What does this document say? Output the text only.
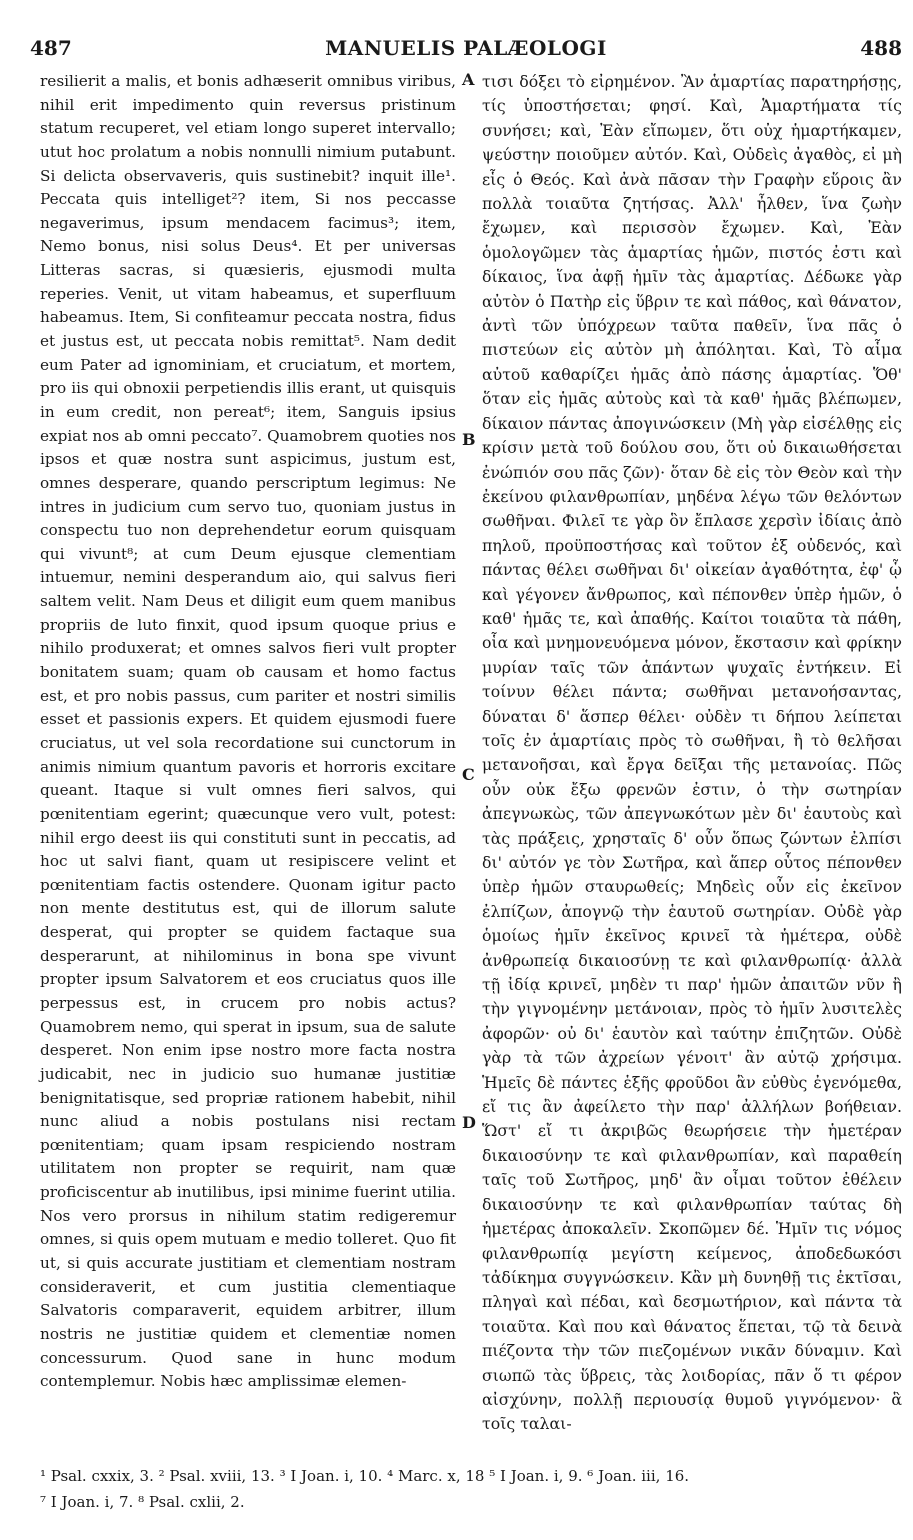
487	MANUELIS PALÆOLOGI	488

resilierit a malis, et bonis adhæserit omnibus viribus, nihil erit impedimento quin reversus pristinum statum recuperet, vel etiam longo superet intervallo; utut hoc prolatum a nobis nonnulli nimium putabunt. Si delicta observaveris, quis sustinebit? inquit ille¹. Peccata quis intelliget²? item, Si nos peccasse negaverimus, ipsum mendacem facimus³; item, Nemo bonus, nisi solus Deus⁴. Et per universas Litteras sacras, si quæsieris, ejusmodi multa reperies. Venit, ut vitam habeamus, et superfluum habeamus. Item, Si confiteamur peccata nostra, fidus et justus est, ut peccata nobis remittat⁵. Nam dedit eum Pater ad ignominiam, et cruciatum, et mortem, pro iis qui obnoxii perpetiendis illis erant, ut quisquis in eum credit, non pereat⁶; item, Sanguis ipsius expiat nos ab omni peccato⁷. Quamobrem quoties nos ipsos et quæ nostra sunt aspicimus, justum est, omnes desperare, quando perscriptum legimus: Ne intres in judicium cum servo tuo, quoniam justus in conspectu tuo non deprehendetur eorum quisquam qui vivunt⁸; at cum Deum ejusque clementiam intuemur, nemini desperandum aio, qui salvus fieri saltem velit. Nam Deus et diligit eum quem manibus propriis de luto finxit, quod ipsum quoque prius e nihilo produxerat; et omnes salvos fieri vult propter bonitatem suam; quam ob causam et homo factus est, et pro nobis passus, cum pariter et nostri similis esset et passionis expers. Et quidem ejusmodi fuere cruciatus, ut vel sola recordatione sui cunctorum in animis nimium quantum pavoris et horroris excitare queant. Itaque si vult omnes fieri salvos, qui pœnitentiam egerint; quæcunque vero vult, potest: nihil ergo deest iis qui constituti sunt in peccatis, ad hoc ut salvi fiant, quam ut resipiscere velint et pœnitentiam factis ostendere. Quonam igitur pacto non mente destitutus est, qui de illorum salute desperat, qui propter se quidem factaque sua desperarunt, at nihilominus in bona spe vivunt propter ipsum Salvatorem et eos cruciatus quos ille perpessus est, in crucem pro nobis actus? Quamobrem nemo, qui sperat in ipsum, sua de salute desperet. Non enim ipse nostro more facta nostra judicabit, nec in judicio suo humanæ justitiæ benignitatisque, sed propriæ rationem habebit, nihil nunc aliud a nobis postulans nisi rectam pœnitentiam; quam ipsam respiciendo nostram utilitatem non propter se requirit, nam quæ proficiscentur ab inutilibus, ipsi minime fuerint utilia. Nos vero prorsus in nihilum statim redigeremur omnes, si quis opem mutuam e medio tolleret. Quo fit ut, si quis accurate justitiam et clementiam nostram consideraverit, et cum justitia clementiaque Salvatoris comparaverit, equidem arbitrer, illum nostris ne justitiæ quidem et clementiæ nomen concessurum. Quod sane in hunc modum contemplemur. Nobis hæc amplissimæ elemen-

A
B
C
D

τισι δόξει τὸ εἰρημένον. Ἂν ἁμαρτίας παρατηρήσῃς, τίς ὑποστήσεται; φησί. Καὶ, Ἁμαρτήματα τίς συνήσει; καὶ, Ἐὰν εἴπωμεν, ὅτι οὐχ ἡμαρτήκαμεν, ψεύστην ποιοῦμεν αὐτόν. Καὶ, Οὐδεὶς ἀγαθὸς, εἰ μὴ εἷς ὁ Θεός. Καὶ ἀνὰ πᾶσαν τὴν Γραφὴν εὕροις ἂν πολλὰ τοιαῦτα ζητήσας. Ἀλλ' ἦλθεν, ἵνα ζωὴν ἔχωμεν, καὶ περισσὸν ἔχωμεν. Καὶ, Ἐὰν ὁμολογῶμεν τὰς ἁμαρτίας ἡμῶν, πιστός ἐστι καὶ δίκαιος, ἵνα ἀφῇ ἡμῖν τὰς ἁμαρτίας. Δέδωκε γὰρ αὐτὸν ὁ Πατὴρ εἰς ὕβριν τε καὶ πάθος, καὶ θάνατον, ἀντὶ τῶν ὑπόχρεων ταῦτα παθεῖν, ἵνα πᾶς ὁ πιστεύων εἰς αὐτὸν μὴ ἀπόληται. Καὶ, Τὸ αἷμα αὐτοῦ καθαρίζει ἡμᾶς ἀπὸ πάσης ἁμαρτίας. Ὅθ' ὅταν εἰς ἡμᾶς αὐτοὺς καὶ τὰ καθ' ἡμᾶς βλέπωμεν, δίκαιον πάντας ἀπογινώσκειν (Μὴ γὰρ εἰσέλθῃς εἰς κρίσιν μετὰ τοῦ δούλου σου, ὅτι οὐ δικαιωθήσεται ἐνώπιόν σου πᾶς ζῶν)· ὅταν δὲ εἰς τὸν Θεὸν καὶ τὴν ἐκείνου φιλανθρωπίαν, μηδένα λέγω τῶν θελόντων σωθῆναι. Φιλεῖ τε γὰρ ὃν ἔπλασε χερσὶν ἰδίαις ἀπὸ πηλοῦ, προϋποστήσας καὶ τοῦτον ἐξ οὐδενός, καὶ πάντας θέλει σωθῆναι δι' οἰκείαν ἀγαθότητα, ἐφ' ᾧ καὶ γέγονεν ἄνθρωπος, καὶ πέπονθεν ὑπὲρ ἡμῶν, ὁ καθ' ἡμᾶς τε, καὶ ἀπαθής. Καίτοι τοιαῦτα τὰ πάθη, οἷα καὶ μνημονευόμενα μόνον, ἔκστασιν καὶ φρίκην μυρίαν ταῖς τῶν ἁπάντων ψυχαῖς ἐντήκειν. Εἰ τοίνυν θέλει πάντα; σωθῆναι μετανοήσαντας, δύναται δ' ἅσπερ θέλει· οὐδὲν τι δήπου λείπεται τοῖς ἐν ἁμαρτίαις πρὸς τὸ σωθῆναι, ἢ τὸ θελῆσαι μετανοῆσαι, καὶ ἔργα δεῖξαι τῆς μετανοίας. Πῶς οὖν οὐκ ἔξω φρενῶν ἐστιν, ὁ τὴν σωτηρίαν ἀπεγνωκὼς, τῶν ἀπεγνωκότων μὲν δι' ἑαυτοὺς καὶ τὰς πράξεις, χρησταῖς δ' οὖν ὅπως ζώντων ἐλπίσι δι' αὐτόν γε τὸν Σωτῆρα, καὶ ἅπερ οὗτος πέπονθεν ὑπὲρ ἡμῶν σταυρωθείς; Μηδεὶς οὖν εἰς ἐκεῖνον ἐλπίζων, ἀπογνῷ τὴν ἑαυτοῦ σωτηρίαν. Οὐδὲ γὰρ ὁμοίως ἡμῖν ἐκεῖνος κρινεῖ τὰ ἡμέτερα, οὐδὲ ἀνθρωπείᾳ δικαιοσύνῃ τε καὶ φιλανθρωπίᾳ· ἀλλὰ τῇ ἰδίᾳ κρινεῖ, μηδὲν τι παρ' ἡμῶν ἀπαιτῶν νῦν ἢ τὴν γιγνομένην μετάνοιαν, πρὸς τὸ ἡμῖν λυσιτελὲς ἀφορῶν· οὐ δι' ἑαυτὸν καὶ ταύτην ἐπιζητῶν. Οὐδὲ γὰρ τὰ τῶν ἀχρείων γένοιτ' ἂν αὐτῷ χρήσιμα. Ἡμεῖς δὲ πάντες ἑξῆς φροῦδοι ἂν εὐθὺς ἐγενόμεθα, εἴ τις ἂν ἀφείλετο τὴν παρ' ἀλλήλων βοήθειαν. Ὥστ' εἴ τι ἀκριβῶς θεωρήσειε τὴν ἡμετέραν δικαιοσύνην τε καὶ φιλανθρωπίαν, καὶ παραθείη ταῖς τοῦ Σωτῆρος, μηδ' ἂν οἶμαι τοῦτον ἐθέλειν δικαιοσύνην τε καὶ φιλανθρωπίαν ταύτας δὴ ἡμετέρας ἀποκαλεῖν. Σκοπῶμεν δέ. Ἡμῖν τις νόμος φιλανθρωπίᾳ μεγίστη κείμενος, ἀποδεδωκόσι τἀδίκημα συγγνώσκειν. Κἂν μὴ δυνηθῇ τις ἐκτῖσαι, πληγαὶ καὶ πέδαι, καὶ δεσμωτήριον, καὶ πάντα τὰ τοιαῦτα. Καὶ που καὶ θάνατος ἕπεται, τῷ τὰ δεινὰ πιέζοντα τὴν τῶν πιεζομένων νικᾶν δύναμιν. Καὶ σιωπῶ τὰς ὕβρεις, τὰς λοιδορίας, πᾶν ὅ τι φέρον αἰσχύνην, πολλῇ περιουσίᾳ θυμοῦ γιγνόμενον· ἃ τοῖς ταλαι-

¹ Psal. cxxix, 3. ² Psal. xviii, 13. ³ I Joan. i, 10. ⁴ Marc. x, 18 ⁵ I Joan. i, 9. ⁶ Joan. iii, 16.

⁷ I Joan. i, 7. ⁸ Psal. cxlii, 2.
